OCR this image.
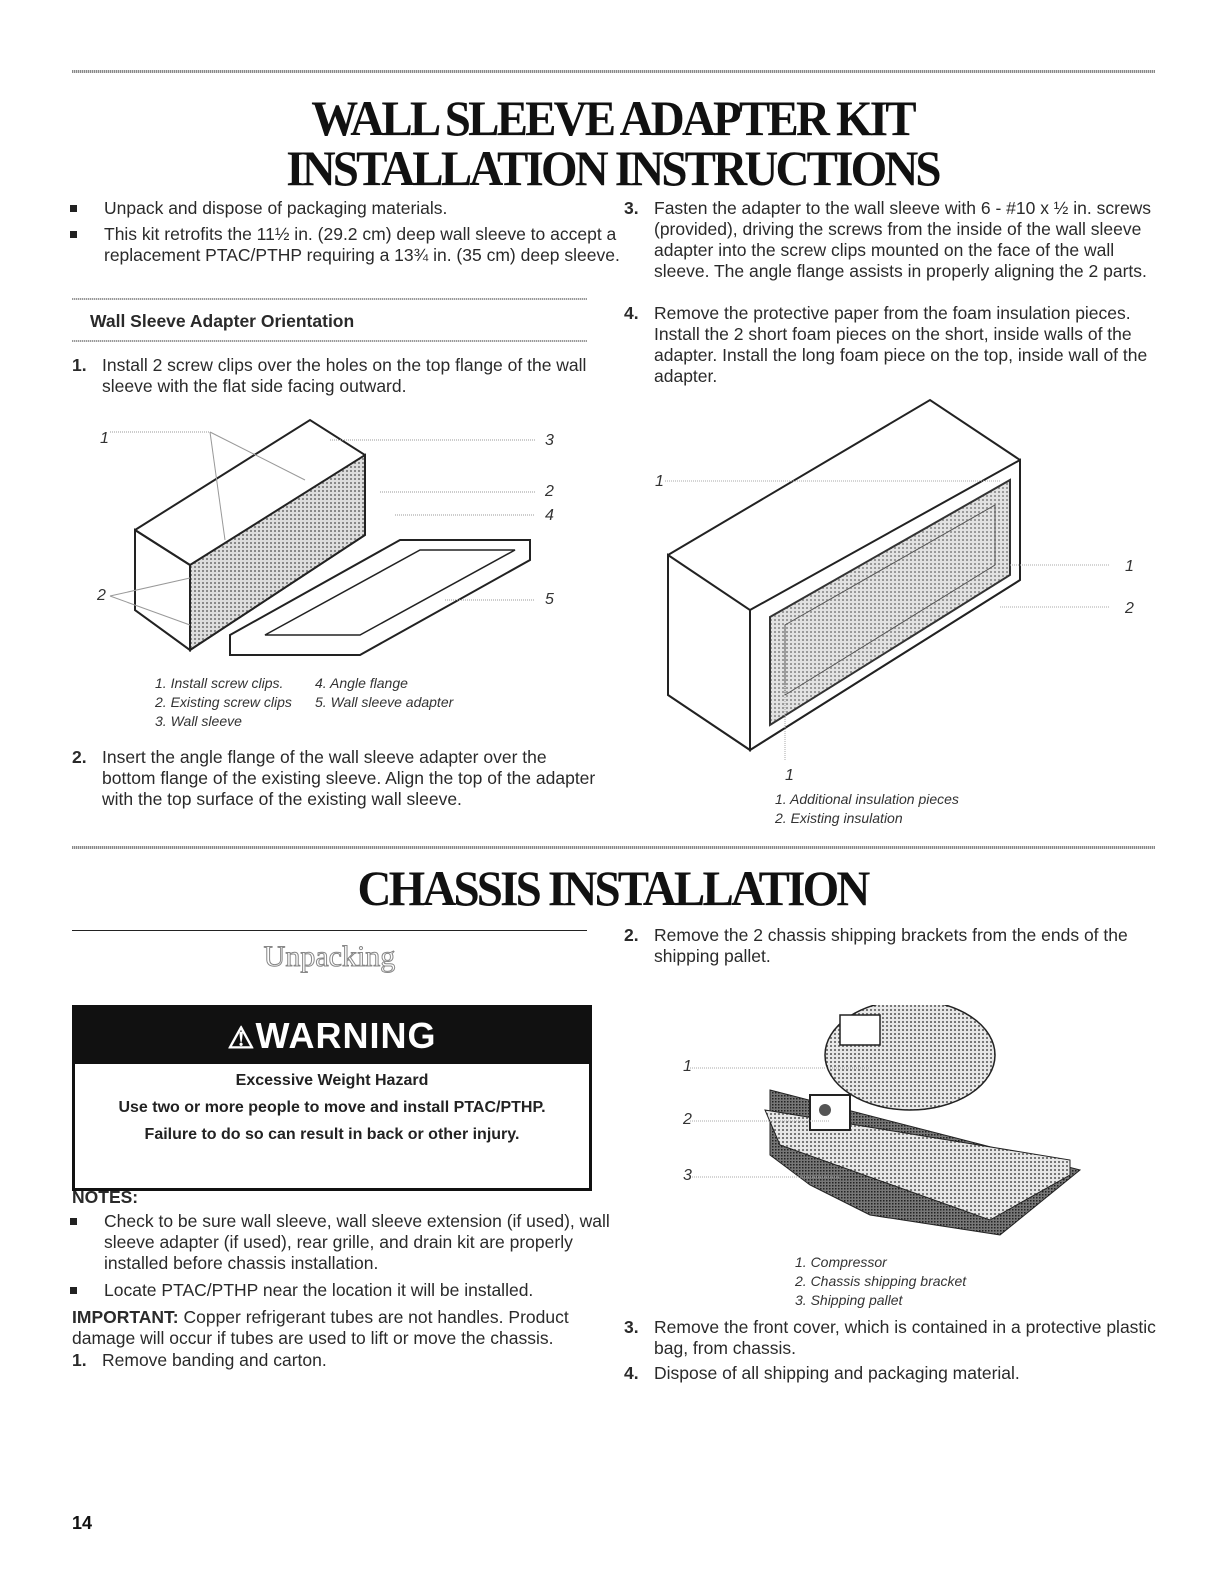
WALL SLEEVE ADAPTER KIT
INSTALLATION INSTRUCTIONS
Unpack and dispose of packaging materials.
This kit retrofits the 11½ in. (29.2 cm) deep wall sleeve to accept a replacement PTAC/PTHP requiring a 13¾ in. (35 cm) deep sleeve.
Wall Sleeve Adapter Orientation
1. Install 2 screw clips over the holes on the top flange of the wall sleeve with the flat side facing outward.
1	3
2
4
2	5
1. Install screw clips.
2. Existing screw clips
3. Wall sleeve
4. Angle flange
5. Wall sleeve adapter
2. Insert the angle flange of the wall sleeve adapter over the bottom flange of the existing sleeve. Align the top of the adapter with the top surface of the existing wall sleeve.
3. Fasten the adapter to the wall sleeve with 6 - #10 x ½ in. screws (provided), driving the screws from the inside of the wall sleeve adapter into the screw clips mounted on the face of the wall sleeve. The angle flange assists in properly aligning the 2 parts.
4. Remove the protective paper from the foam insulation pieces. Install the 2 short foam pieces on the short, inside walls of the adapter. Install the long foam piece on the top, inside wall of the adapter.
1
1
2
1
1. Additional insulation pieces
2. Existing insulation
CHASSIS INSTALLATION
Unpacking
⚠WARNING
Excessive Weight Hazard
Use two or more people to move and install PTAC/PTHP.
Failure to do so can result in back or other injury.
NOTES:
Check to be sure wall sleeve, wall sleeve extension (if used), wall sleeve adapter (if used), rear grille, and drain kit are properly installed before chassis installation.
Locate PTAC/PTHP near the location it will be installed.
IMPORTANT: Copper refrigerant tubes are not handles. Product damage will occur if tubes are used to lift or move the chassis.
1. Remove banding and carton.
2. Remove the 2 chassis shipping brackets from the ends of the shipping pallet.
1
2
3
1. Compressor
2. Chassis shipping bracket
3. Shipping pallet
3. Remove the front cover, which is contained in a protective plastic bag, from chassis.
4. Dispose of all shipping and packaging material.
14
